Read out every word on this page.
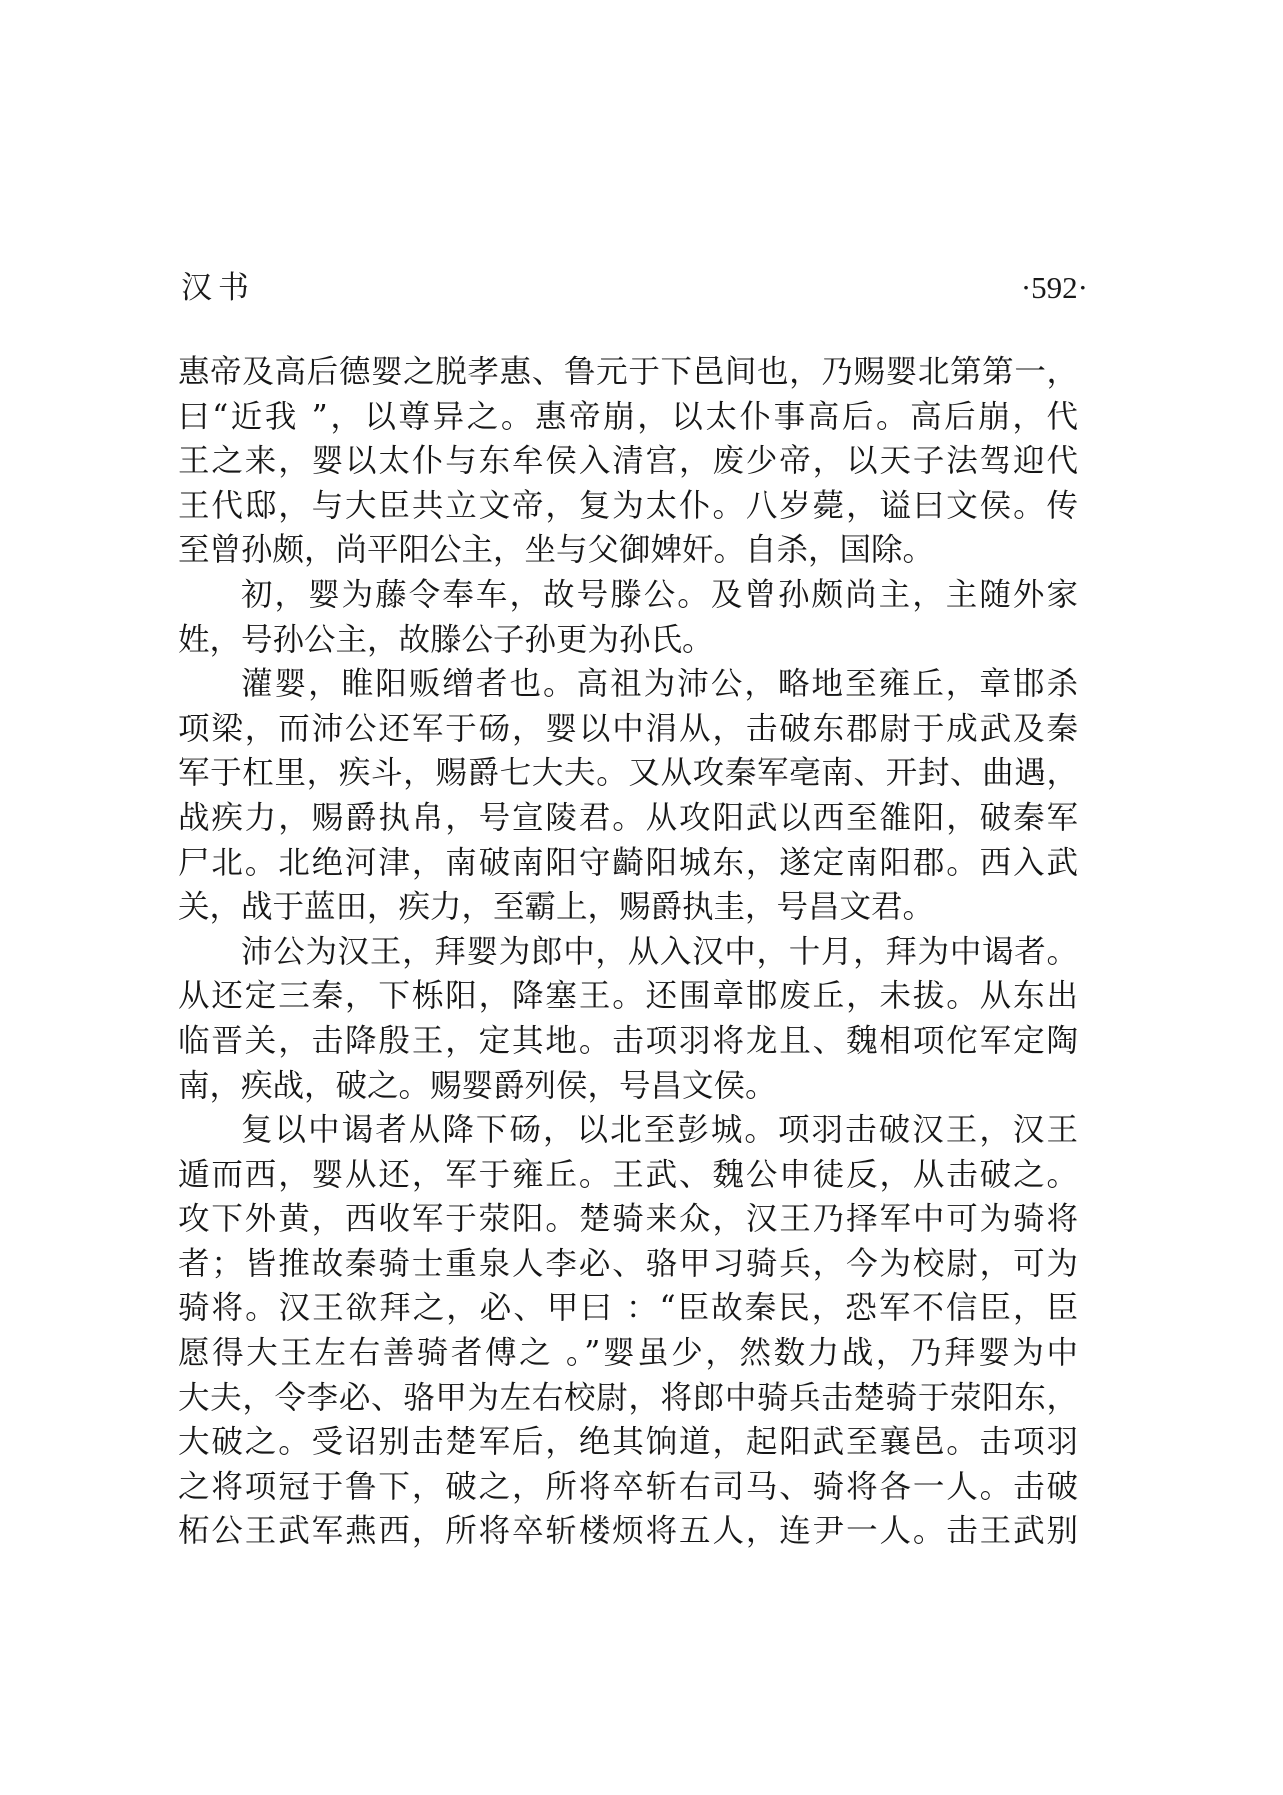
汉书	·592·
惠帝及高后德婴之脱孝惠、鲁元于下邑间也，乃赐婴北第第一，
曰“近我 ”，以尊异之。惠帝崩，以太仆事高后。高后崩，代
王之来，婴以太仆与东牟侯入清宫，废少帝，以天子法驾迎代
王代邸，与大臣共立文帝，复为太仆。八岁薨，谥曰文侯。传
至曾孙颇，尚平阳公主，坐与父御婢奸。自杀，国除。
初，婴为藤令奉车，故号滕公。及曾孙颇尚主，主随外家
姓，号孙公主，故滕公子孙更为孙氏。
灌婴，睢阳贩缯者也。高祖为沛公，略地至雍丘，章邯杀
项梁，而沛公还军于砀，婴以中涓从，击破东郡尉于成武及秦
军于杠里，疾斗，赐爵七大夫。又从攻秦军亳南、开封、曲遇，
战疾力，赐爵执帛，号宣陵君。从攻阳武以西至雒阳，破秦军
尸北。北绝河津，南破南阳守齮阳城东，遂定南阳郡。西入武
关，战于蓝田，疾力，至霸上，赐爵执圭，号昌文君。
沛公为汉王，拜婴为郎中，从入汉中，十月，拜为中谒者。
从还定三秦，下栎阳，降塞王。还围章邯废丘，未拔。从东出
临晋关，击降殷王，定其地。击项羽将龙且、魏相项佗军定陶
南，疾战，破之。赐婴爵列侯，号昌文侯。
复以中谒者从降下砀，以北至彭城。项羽击破汉王，汉王
遁而西，婴从还，军于雍丘。王武、魏公申徒反，从击破之。
攻下外黄，西收军于荥阳。楚骑来众，汉王乃择军中可为骑将
者；皆推故秦骑士重泉人李必、骆甲习骑兵，今为校尉，可为
骑将。汉王欲拜之，必、甲曰 ：“臣故秦民，恐军不信臣，臣
愿得大王左右善骑者傅之 。”婴虽少，然数力战，乃拜婴为中
大夫，令李必、骆甲为左右校尉，将郎中骑兵击楚骑于荥阳东，
大破之。受诏别击楚军后，绝其饷道，起阳武至襄邑。击项羽
之将项冠于鲁下，破之，所将卒斩右司马、骑将各一人。击破
柘公王武军燕西，所将卒斩楼烦将五人，连尹一人。击王武别
